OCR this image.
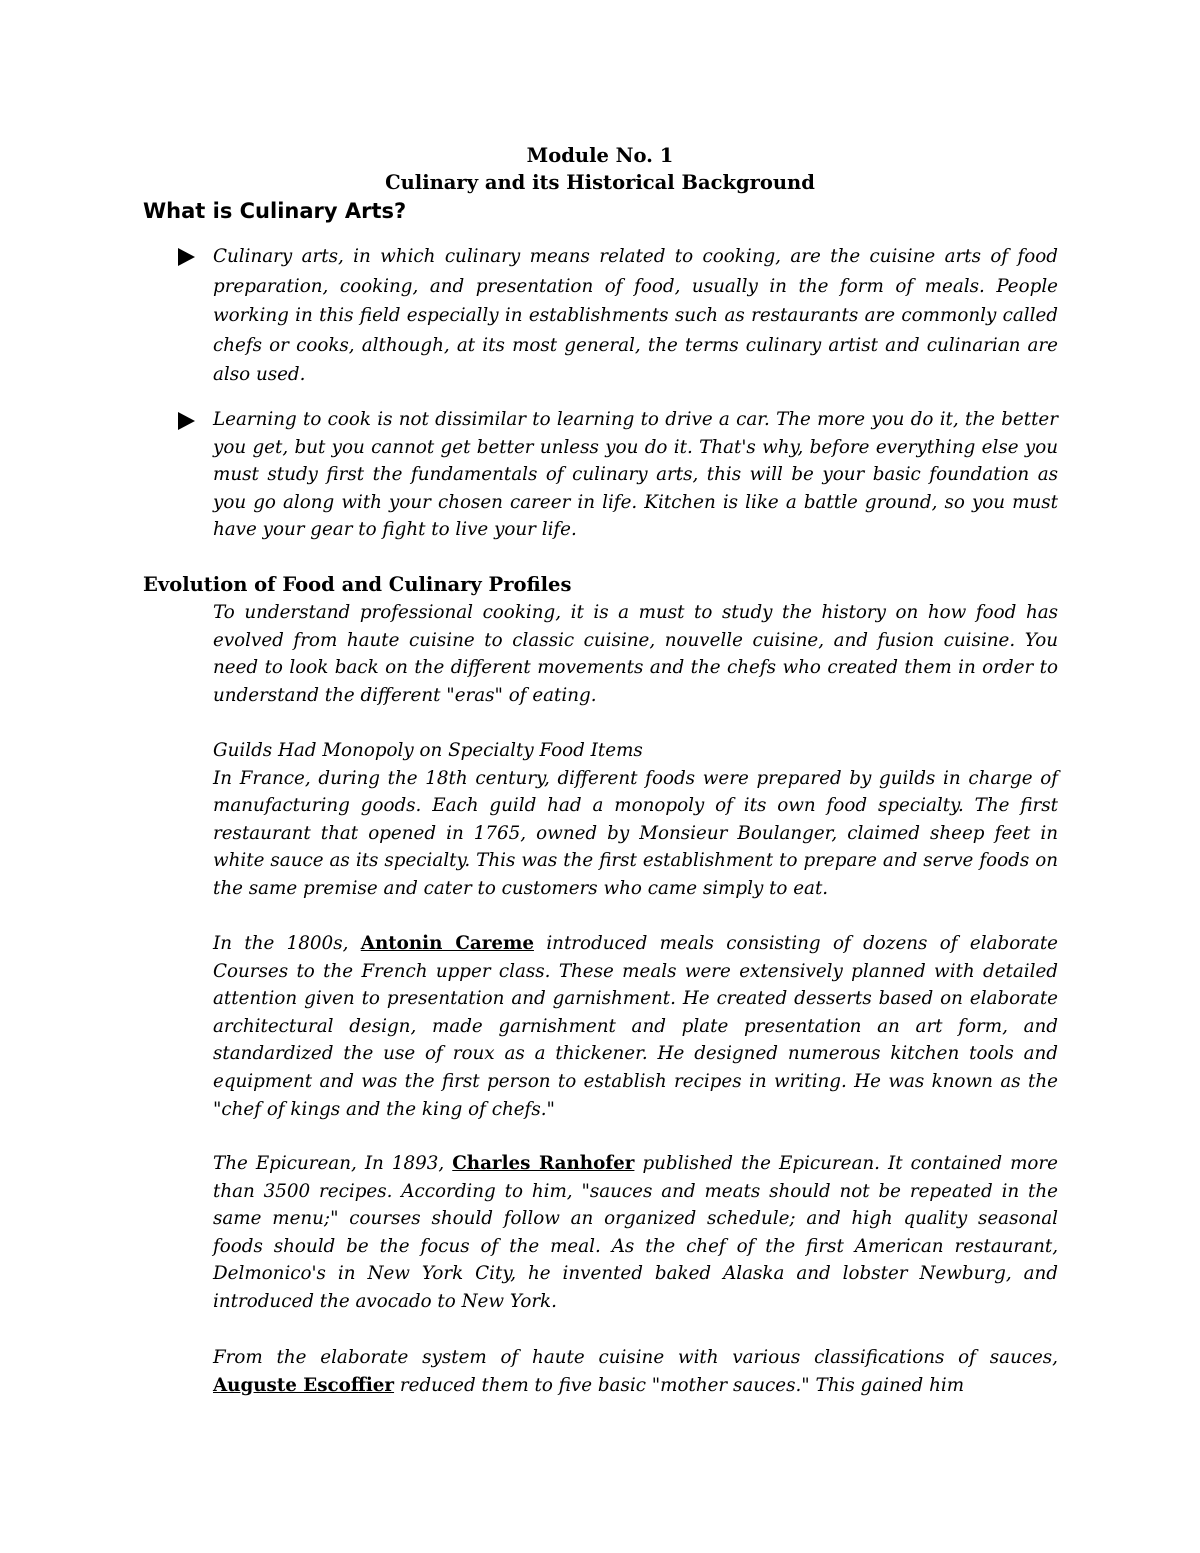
Module No. 1
Culinary and its Historical Background
What is Culinary Arts?
Culinary arts, in which culinary means related to cooking, are the cuisine arts of food preparation, cooking, and presentation of food, usually in the form of meals. People working in this field especially in establishments such as restaurants are commonly called chefs or cooks, although, at its most general, the terms culinary artist and culinarian are also used.
Learning to cook is not dissimilar to learning to drive a car. The more you do it, the better you get, but you cannot get better unless you do it. That's why, before everything else you must study first the fundamentals of culinary arts, this will be your basic foundation as you go along with your chosen career in life. Kitchen is like a battle ground, so you must have your gear to fight to live your life.
Evolution of Food and Culinary Profiles
To understand professional cooking, it is a must to study the history on how food has evolved from haute cuisine to classic cuisine, nouvelle cuisine, and fusion cuisine. You need to look back on the different movements and the chefs who created them in order to understand the different "eras" of eating.
Guilds Had Monopoly on Specialty Food Items
In France, during the 18th century, different foods were prepared by guilds in charge of manufacturing goods. Each guild had a monopoly of its own food specialty. The first restaurant that opened in 1765, owned by Monsieur Boulanger, claimed sheep feet in white sauce as its specialty. This was the first establishment to prepare and serve foods on the same premise and cater to customers who came simply to eat.
In the 1800s, Antonin Careme introduced meals consisting of dozens of elaborate Courses to the French upper class. These meals were extensively planned with detailed attention given to presentation and garnishment. He created desserts based on elaborate architectural design, made garnishment and plate presentation an art form, and standardized the use of roux as a thickener. He designed numerous kitchen tools and equipment and was the first person to establish recipes in writing. He was known as the "chef of kings and the king of chefs."
The Epicurean, In 1893, Charles Ranhofer published the Epicurean. It contained more than 3500 recipes. According to him, "sauces and meats should not be repeated in the same menu;" courses should follow an organized schedule; and high quality seasonal foods should be the focus of the meal. As the chef of the first American restaurant, Delmonico's in New York City, he invented baked Alaska and lobster Newburg, and introduced the avocado to New York.
From the elaborate system of haute cuisine with various classifications of sauces, Auguste Escoffier reduced them to five basic "mother sauces." This gained him
